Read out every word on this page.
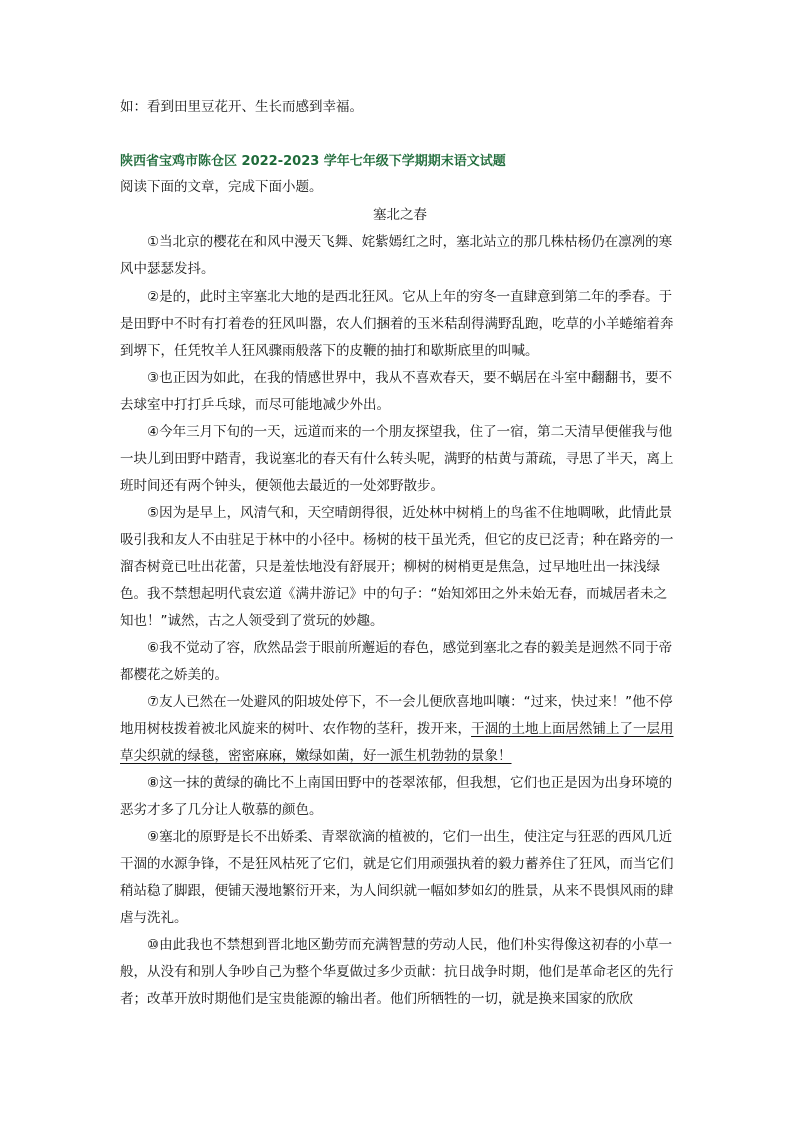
如：看到田里豆花开、生长而感到幸福。

陕西省宝鸡市陈仓区 2022-2023 学年七年级下学期期末语文试题

阅读下面的文章，完成下面小题。

塞北之春

①当北京的樱花在和风中漫天飞舞、姹紫嫣红之时，塞北站立的那几株枯杨仍在凛冽的寒风中瑟瑟发抖。

②是的，此时主宰塞北大地的是西北狂风。它从上年的穷冬一直肆意到第二年的季春。于是田野中不时有打着卷的狂风叫嚣，农人们捆着的玉米秸刮得满野乱跑，吃草的小羊蜷缩着奔到堺下，任凭牧羊人狂风骤雨般落下的皮鞭的抽打和歇斯底里的叫喊。

③也正因为如此，在我的情感世界中，我从不喜欢春天，要不蜗居在斗室中翻翻书，要不去球室中打打乒乓球，而尽可能地减少外出。

④今年三月下旬的一天，远道而来的一个朋友探望我，住了一宿，第二天清早便催我与他一块儿到田野中踏青，我说塞北的春天有什么转头呢，满野的枯黄与萧疏，寻思了半天，离上班时间还有两个钟头，便领他去最近的一处郊野散步。

⑤因为是早上，风清气和，天空晴朗得很，近处林中树梢上的鸟雀不住地啁啾，此情此景吸引我和友人不由驻足于林中的小径中。杨树的枝干虽光秃，但它的皮已泛青；种在路旁的一溜杏树竟已吐出花蕾，只是羞怯地没有舒展开；柳树的树梢更是焦急，过早地吐出一抹浅绿色。我不禁想起明代袁宏道《满井游记》中的句子：“始知郊田之外未始无春，而城居者未之知也！”诚然，古之人领受到了赏玩的妙趣。

⑥我不觉动了容，欣然品尝于眼前所邂逅的春色，感觉到塞北之春的毅美是迥然不同于帝都樱花之娇美的。

⑦友人已然在一处避风的阳坡处停下，不一会儿便欣喜地叫嚷：“过来，快过来！”他不停地用树枝拨着被北风旋来的树叶、农作物的茎秆，拨开来，干涸的土地上面居然铺上了一层用草尖织就的绿毯，密密麻麻，嫩绿如菌，好一派生机勃勃的景象！

⑧这一抹的黄绿的确比不上南国田野中的苍翠浓郁，但我想，它们也正是因为出身环境的恶劣才多了几分让人敬慕的颜色。

⑨塞北的原野是长不出娇柔、青翠欲滴的植被的，它们一出生，使注定与狂恶的西风几近干涸的水源争锋，不是狂风枯死了它们，就是它们用顽强执着的毅力蓄养住了狂风，而当它们稍站稳了脚跟，便铺天漫地繁衍开来，为人间织就一幅如梦如幻的胜景，从来不畏惧风雨的肆虐与洗礼。

⑩由此我也不禁想到晋北地区勤劳而充满智慧的劳动人民，他们朴实得像这初春的小草一般，从没有和别人争吵自己为整个华夏做过多少贡献：抗日战争时期，他们是革命老区的先行者；改革开放时期他们是宝贵能源的输出者。他们所牺牲的一切，就是换来国家的欣欣
